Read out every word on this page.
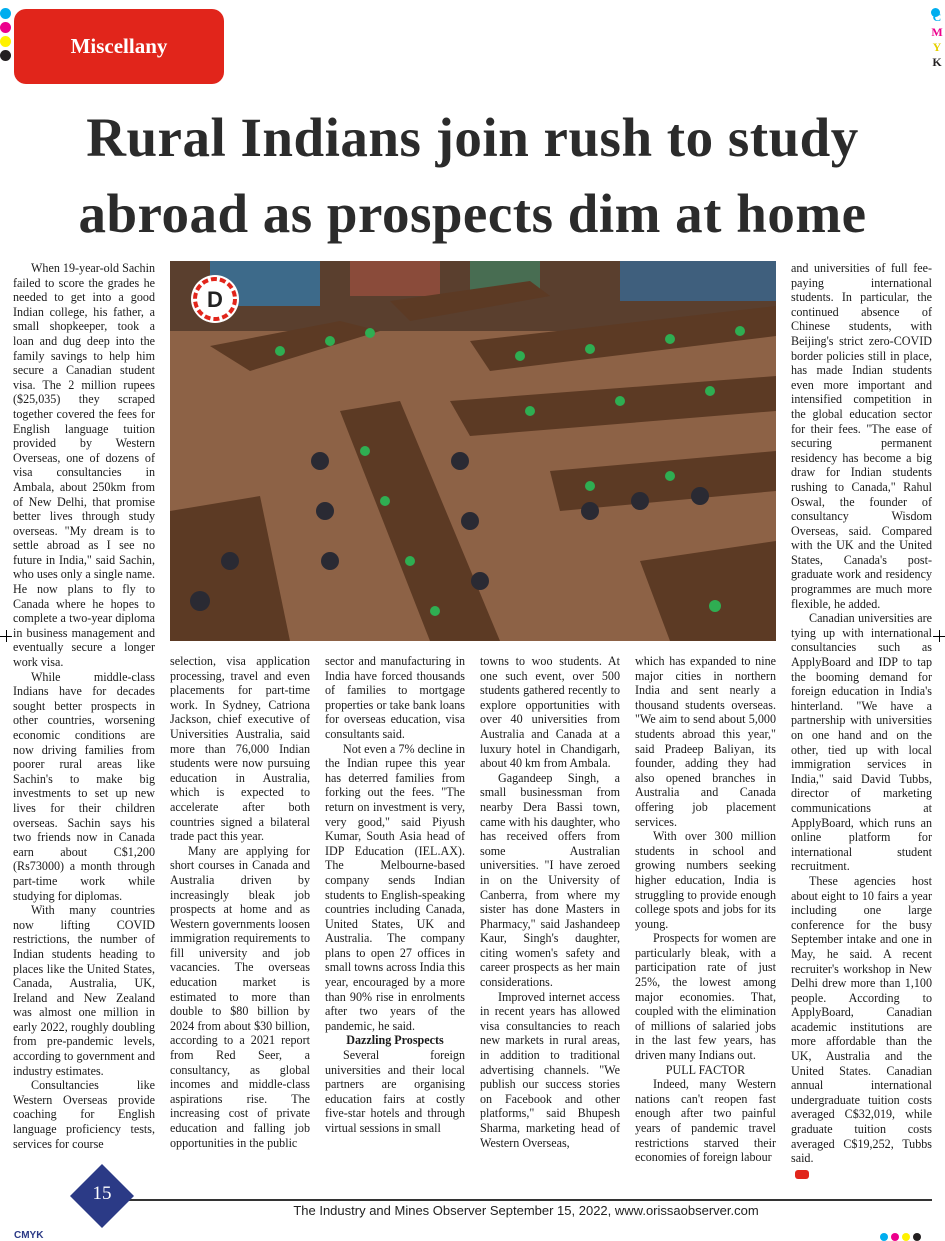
C
M
Y
K
Miscellany
Rural Indians join rush to study
abroad as prospects dim at home

When 19-year-old Sachin failed to score the grades he needed to get into a good Indian college, his father, a small shopkeeper, took a loan and dug deep into the family savings to help him secure a Canadian student visa. The 2 million rupees ($25,035) they scraped together covered the fees for English language tuition provided by Western Overseas, one of dozens of visa consultancies in Ambala, about 250km from of New Delhi, that promise better lives through study overseas. "My dream is to settle abroad as I see no future in India," said Sachin, who uses only a single name. He now plans to fly to Canada where he hopes to complete a two-year diploma in business management and eventually secure a longer work visa.

While middle-class Indians have for decades sought better prospects in other countries, worsening economic conditions are now driving families from poorer rural areas like Sachin's to make big investments to set up new lives for their children overseas. Sachin says his two friends now in Canada earn about C$1,200 (Rs73000) a month through part-time work while studying for diplomas.

With many countries now lifting COVID restrictions, the number of Indian students heading to places like the United States, Canada, Australia, UK, Ireland and New Zealand was almost one million in early 2022, roughly doubling from pre-pandemic levels, according to government and industry estimates.

Consultancies like Western Overseas provide coaching for English language proficiency tests, services for course

D

selection, visa application processing, travel and even placements for part-time work. In Sydney, Catriona Jackson, chief executive of Universities Australia, said more than 76,000 Indian students were now pursuing education in Australia, which is expected to accelerate after both countries signed a bilateral trade pact this year.

Many are applying for short courses in Canada and Australia driven by increasingly bleak job prospects at home and as Western governments loosen immigration requirements to fill university and job vacancies. The overseas education market is estimated to more than double to $80 billion by 2024 from about $30 billion, according to a 2021 report from Red Seer, a consultancy, as global incomes and middle-class aspirations rise. The increasing cost of private education and falling job opportunities in the public

sector and manufacturing in India have forced thousands of families to mortgage properties or take bank loans for overseas education, visa consultants said.

Not even a 7% decline in the Indian rupee this year has deterred families from forking out the fees. "The return on investment is very, very good," said Piyush Kumar, South Asia head of IDP Education (IEL.AX). The Melbourne-based company sends Indian students to English-speaking countries including Canada, United States, UK and Australia. The company plans to open 27 offices in small towns across India this year, encouraged by a more than 90% rise in enrolments after two years of the pandemic, he said.

Dazzling Prospects

Several foreign universities and their local partners are organising education fairs at costly five-star hotels and through virtual sessions in small

towns to woo students. At one such event, over 500 students gathered recently to explore opportunities with over 40 universities from Australia and Canada at a luxury hotel in Chandigarh, about 40 km from Ambala.

Gagandeep Singh, a small businessman from nearby Dera Bassi town, came with his daughter, who has received offers from some Australian universities. "I have zeroed in on the University of Canberra, from where my sister has done Masters in Pharmacy," said Jashandeep Kaur, Singh's daughter, citing women's safety and career prospects as her main considerations.

Improved internet access in recent years has allowed visa consultancies to reach new markets in rural areas, in addition to traditional advertising channels. "We publish our success stories on Facebook and other platforms," said Bhupesh Sharma, marketing head of Western Overseas,

which has expanded to nine major cities in northern India and sent nearly a thousand students overseas. "We aim to send about 5,000 students abroad this year," said Pradeep Baliyan, its founder, adding they had also opened branches in Australia and Canada offering job placement services.

With over 300 million students in school and growing numbers seeking higher education, India is struggling to provide enough college spots and jobs for its young.

Prospects for women are particularly bleak, with a participation rate of just 25%, the lowest among major economies. That, coupled with the elimination of millions of salaried jobs in the last few years, has driven many Indians out.

PULL FACTOR

Indeed, many Western nations can't reopen fast enough after two painful years of pandemic travel restrictions starved their economies of foreign labour

and universities of full fee-paying international students. In particular, the continued absence of Chinese students, with Beijing's strict zero-COVID border policies still in place, has made Indian students even more important and intensified competition in the global education sector for their fees. "The ease of securing permanent residency has become a big draw for Indian students rushing to Canada," Rahul Oswal, the founder of consultancy Wisdom Overseas, said. Compared with the UK and the United States, Canada's post-graduate work and residency programmes are much more flexible, he added.

Canadian universities are tying up with international consultancies such as ApplyBoard and IDP to tap the booming demand for foreign education in India's hinterland. "We have a partnership with universities on one hand and on the other, tied up with local immigration services in India," said David Tubbs, director of marketing communications at ApplyBoard, which runs an online platform for international student recruitment.

These agencies host about eight to 10 fairs a year including one large conference for the busy September intake and one in May, he said. A recent recruiter's workshop in New Delhi drew more than 1,100 people. According to ApplyBoard, Canadian academic institutions are more affordable than the UK, Australia and the United States. Canadian annual international undergraduate tuition costs averaged C$32,019, while graduate tuition costs averaged C$19,252, Tubbs said.

15
The Industry and Mines Observer September 15, 2022, www.orissaobserver.com
CMYK
